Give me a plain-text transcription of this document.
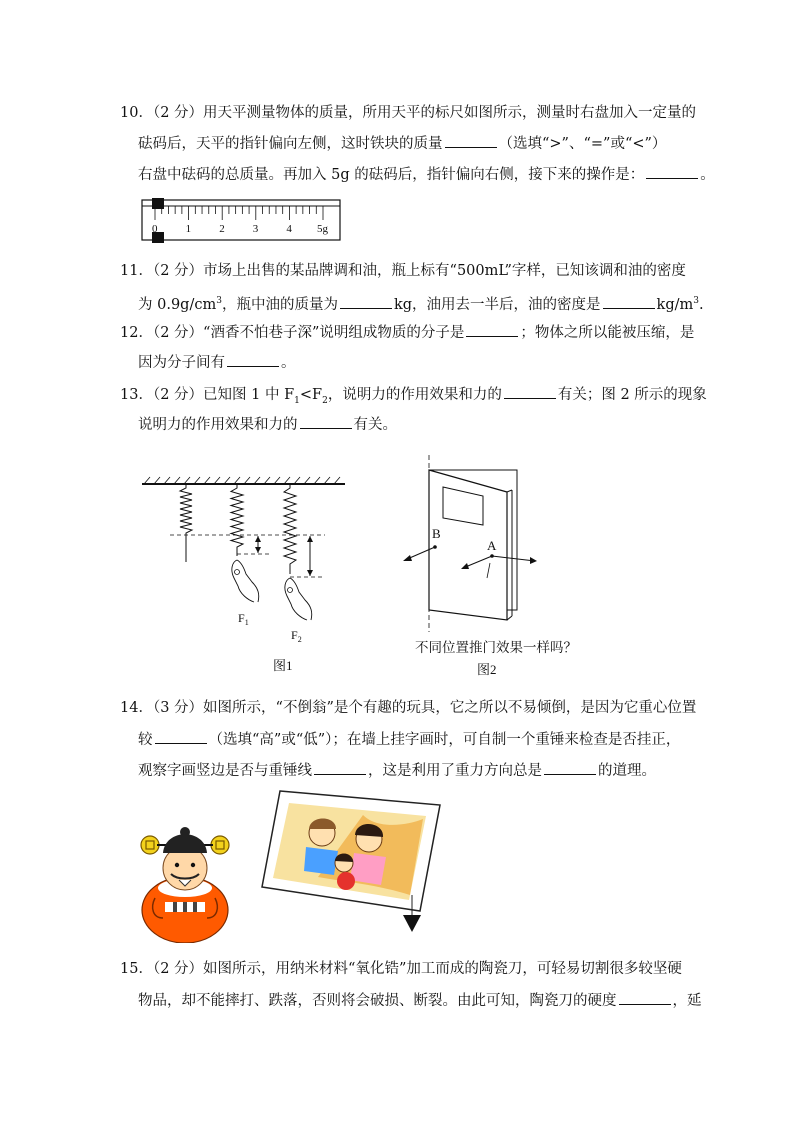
10．（2 分）用天平测量物体的质量，所用天平的标尺如图所示，测量时右盘加入一定量的
砝码后，天平的指针偏向左侧，这时铁块的质量	（选填“>”、“=”或“<”）
右盘中砝码的总质量。再加入 5g 的砝码后，指针偏向右侧，接下来的操作是：	。
0	1	2	3	4 5g
11．（2 分）市场上出售的某品牌调和油，瓶上标有“500mL”字样，已知该调和油的密度
为 $0.9g/cm^3$，瓶中油的质量为	kg，油用去一半后，油的密度是	$kg/m^3$.
12．（2 分）“酒香不怕巷子深”说明组成物质的分子是	；物体之所以能被压缩，是
因为分子间有	。
13．（2 分）已知图 1 中 $F_1<F_2$，说明力的作用效果和力的	有关；图 2 所示的现象
说明力的作用效果和力的	有关。
$F_1$
$F_2$
图1
B
A
不同位置推门效果一样吗？
图2
14．（3 分）如图所示，“不倒翁”是个有趣的玩具，它之所以不易倾倒，是因为它重心位置
较	（选填“高”或“低”）；在墙上挂字画时，可自制一个重锤来检查是否挂正，
观察字画竖边是否与重锤线	，这是利用了重力方向总是	的道理。
15．（2 分）如图所示，用纳米材料“氧化锆”加工而成的陶瓷刀，可轻易切割很多较坚硬
物品，却不能摔打、跌落，否则将会破损、断裂。由此可知，陶瓷刀的硬度	，延
